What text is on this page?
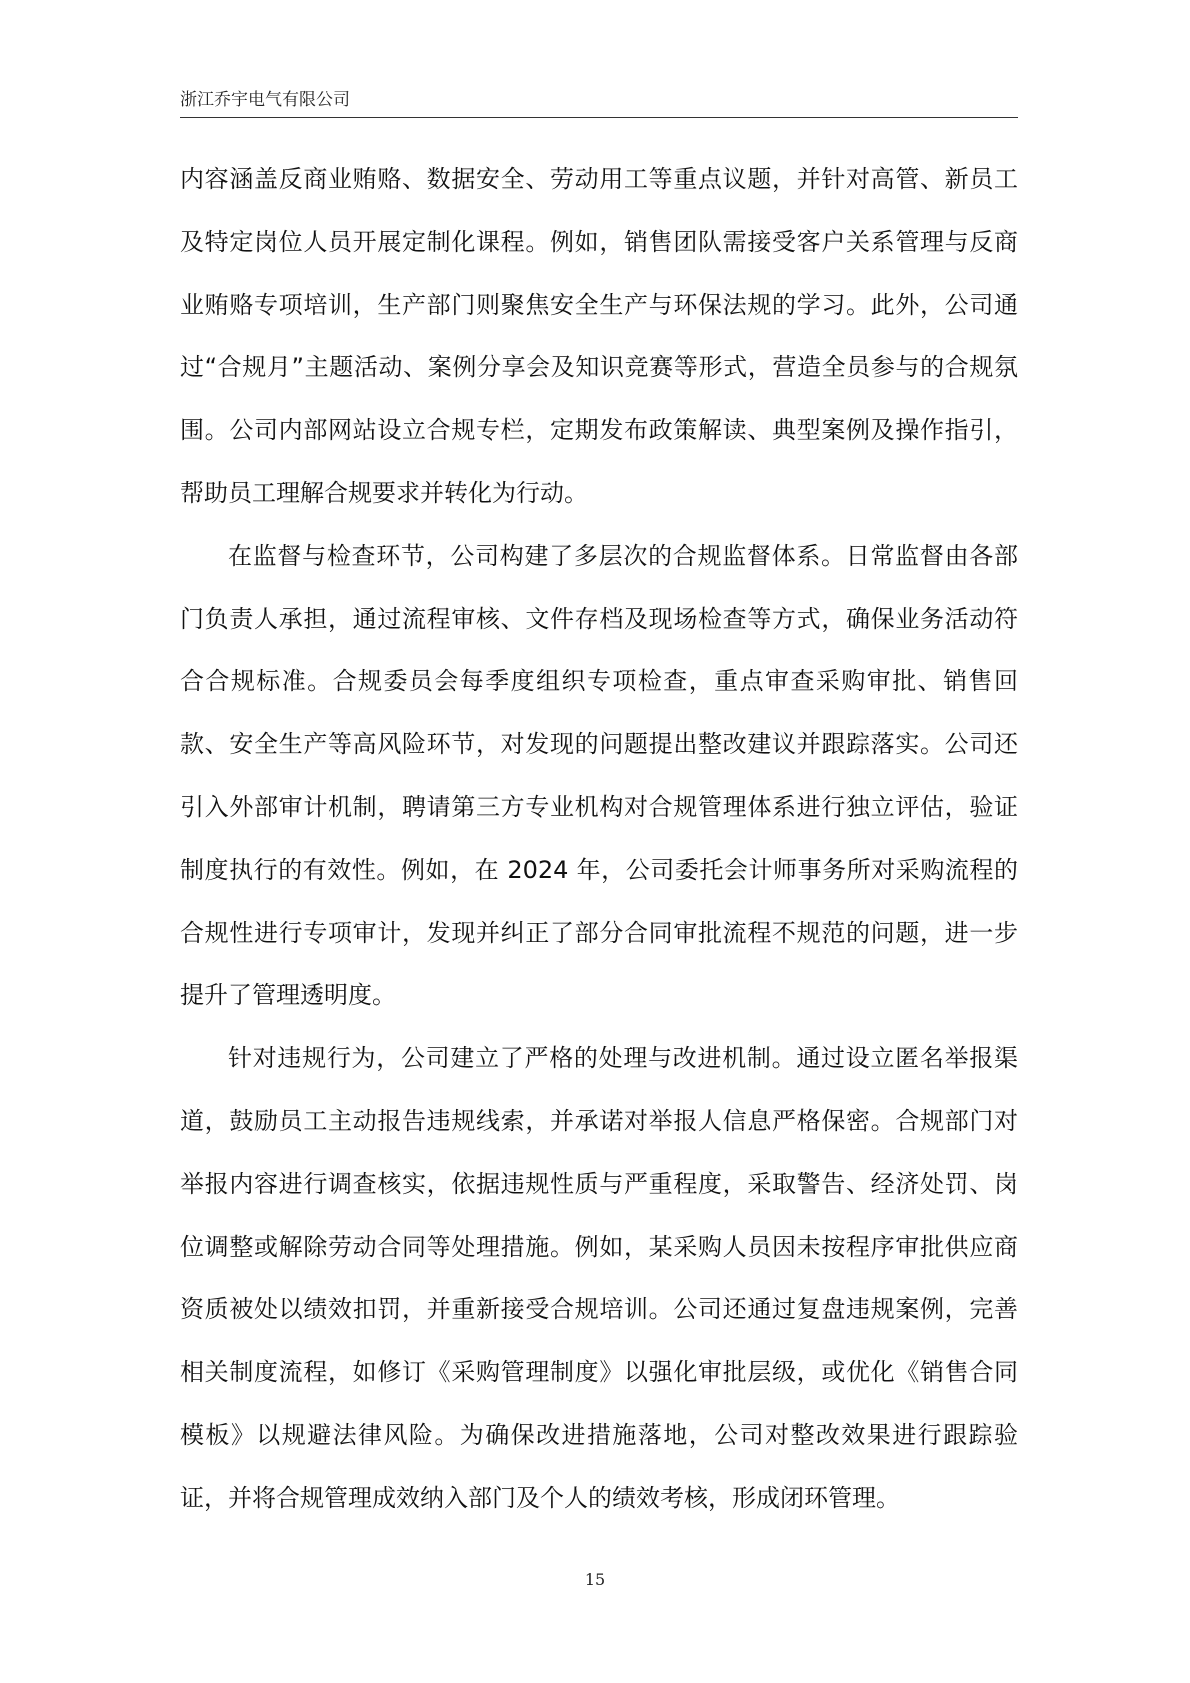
浙江乔宇电气有限公司

内容涵盖反商业贿赂、数据安全、劳动用工等重点议题，并针对高管、新员工及特定岗位人员开展定制化课程。例如，销售团队需接受客户关系管理与反商业贿赂专项培训，生产部门则聚焦安全生产与环保法规的学习。此外，公司通过“合规月”主题活动、案例分享会及知识竞赛等形式，营造全员参与的合规氛围。公司内部网站设立合规专栏，定期发布政策解读、典型案例及操作指引，帮助员工理解合规要求并转化为行动。

在监督与检查环节，公司构建了多层次的合规监督体系。日常监督由各部门负责人承担，通过流程审核、文件存档及现场检查等方式，确保业务活动符合合规标准。合规委员会每季度组织专项检查，重点审查采购审批、销售回款、安全生产等高风险环节，对发现的问题提出整改建议并跟踪落实。公司还引入外部审计机制，聘请第三方专业机构对合规管理体系进行独立评估，验证制度执行的有效性。例如，在 2024 年，公司委托会计师事务所对采购流程的合规性进行专项审计，发现并纠正了部分合同审批流程不规范的问题，进一步提升了管理透明度。

针对违规行为，公司建立了严格的处理与改进机制。通过设立匿名举报渠道，鼓励员工主动报告违规线索，并承诺对举报人信息严格保密。合规部门对举报内容进行调查核实，依据违规性质与严重程度，采取警告、经济处罚、岗位调整或解除劳动合同等处理措施。例如，某采购人员因未按程序审批供应商资质被处以绩效扣罚，并重新接受合规培训。公司还通过复盘违规案例，完善相关制度流程，如修订《采购管理制度》以强化审批层级，或优化《销售合同模板》以规避法律风险。为确保改进措施落地，公司对整改效果进行跟踪验证，并将合规管理成效纳入部门及个人的绩效考核，形成闭环管理。

15
